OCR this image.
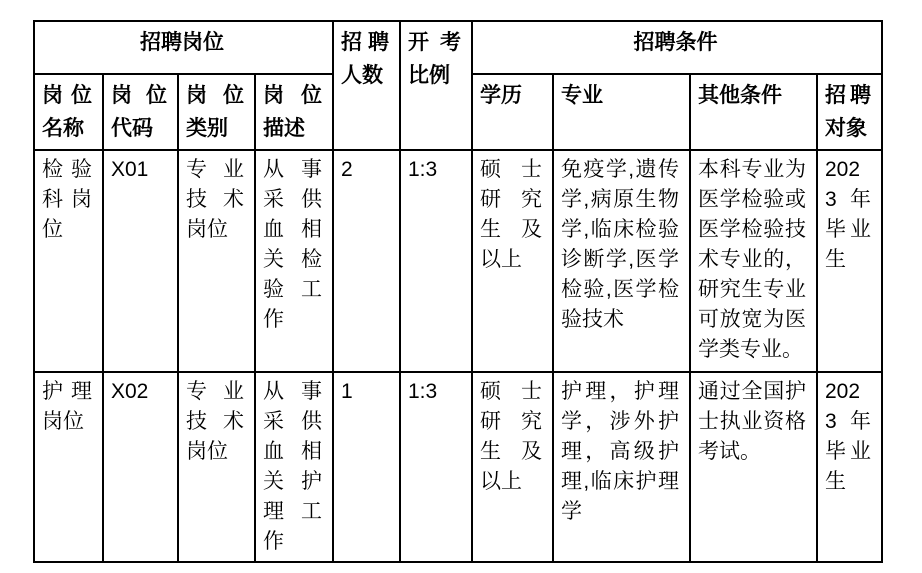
招聘岗位				招聘人数	开考比例	招聘条件			
岗位名称	岗位代码	岗位类别	岗位描述			学历	专业	其他条件	招聘对象
检验科岗位	X01	专业技术岗位	从事采供血相关检验工作	2	1:3	硕士研究生及以上	免疫学,遗传学,病原生物学,临床检验诊断学,医学检验,医学检验技术	本科专业为医学检验或医学检验技术专业的，研究生专业可放宽为医学类专业。	2023年毕业生
护理岗位	X02	专业技术岗位	从事采供血相关护理工作	1	1:3	硕士研究生及以上	护理，护理学，涉外护理，高级护理,临床护理学	通过全国护士执业资格考试。	2023年毕业生
